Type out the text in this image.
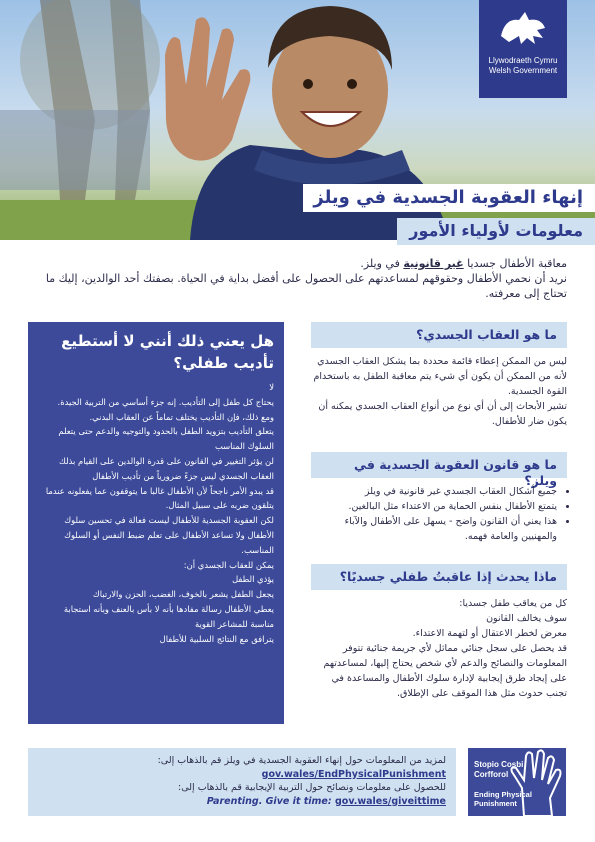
Llywodraeth Cymru
Welsh Government
إنهاء العقوبة الجسدية في ويلز
معلومات لأولياء الأمور

معاقبة الأطفال جسديا غير قانونية في ويلز.

نريد أن نحمي الأطفال وحقوقهم لمساعدتهم على الحصول على أفضل بداية في الحياة. بصفتك أحد الوالدين، إليك ما تحتاج إلى معرفته.

هل يعني ذلك أنني لا أستطيع تأديب طفلي؟

لا

يحتاج كل طفل إلى التأديب. إنه جزء أساسي من التربية الجيدة.

ومع ذلك، فإن التأديب يختلف تماماً عن العقاب البدني.

يتعلق التأديب بتزويد الطفل بالحدود والتوجيه والدعم حتى يتعلم السلوك المناسب

لن يؤثر التغيير في القانون على قدرة الوالدين على القيام بذلك

العقاب الجسدي ليس جزءً ضرورياً من تأديب الأطفال

قد يبدو الأمر ناجحاً لأن الأطفال غالبا ما يتوقفون عما يفعلونه عندما يتلقون ضربه على سبيل المثال.

لكن العقوبة الجسدية للأطفال ليست فعالة في تحسين سلوك الأطفال ولا تساعد الأطفال على تعلم ضبط النفس أو السلوك المناسب.

يمكن للعقاب الجسدي أن:

يؤذي الطفل

يجعل الطفل يشعر بالخوف، الغضب، الحزن والارتباك

يعطي الأطفال رسالة مفادها بأنه لا بأس بالعنف وبأنه استجابة مناسبة للمشاعر القوية

يترافق مع النتائج السلبية للأطفال

ما هو العقاب الجسدي؟

ليس من الممكن إعطاء قائمة محددة بما يشكل العقاب الجسدي لأنه من الممكن أن يكون أي شيء يتم معاقبة الطفل به باستخدام القوة الجسدية.

تشير الأبحاث إلى أن أي نوع من أنواع العقاب الجسدي يمكنه أن يكون ضار للأطفال.

ما هو قانون العقوبة الجسدية في ويلز؟
• جميع أشكال العقاب الجسدي غير قانونية في ويلز
• يتمتع الأطفال بنفس الحماية من الاعتداء مثل البالغين.
• هذا يعني أن القانون واضح - يسهل على الأطفال والآباء والمهنيين والعامة فهمه.
ماذا يحدث إذا عاقبتُ طفلي جسديًا؟

كل من يعاقب طفل جسديا:

سوف يخالف القانون

معرض لخطر الاعتقال أو لتهمة الاعتداء.

قد يحصل على سجل جنائي مماثل لأي جريمة جنائية تتوفر المعلومات والنصائح والدعم لأي شخص يحتاج إليها، لمساعدتهم على إيجاد طرق إيجابية لإدارة سلوك الأطفال والمساعدة في تجنب حدوث مثل هذا الموقف على الإطلاق.

لمزيد من المعلومات حول إنهاء العقوبة الجسدية في ويلز قم بالذهاب إلى:

gov.wales/EndPhysicalPunishment

للحصول على معلومات ونصائح حول التربية الإيجابية قم بالذهاب إلى:

Parenting. Give it time: gov.wales/giveittime

Stopio Cosbi
Corfforol
Ending Physical
Punishment
